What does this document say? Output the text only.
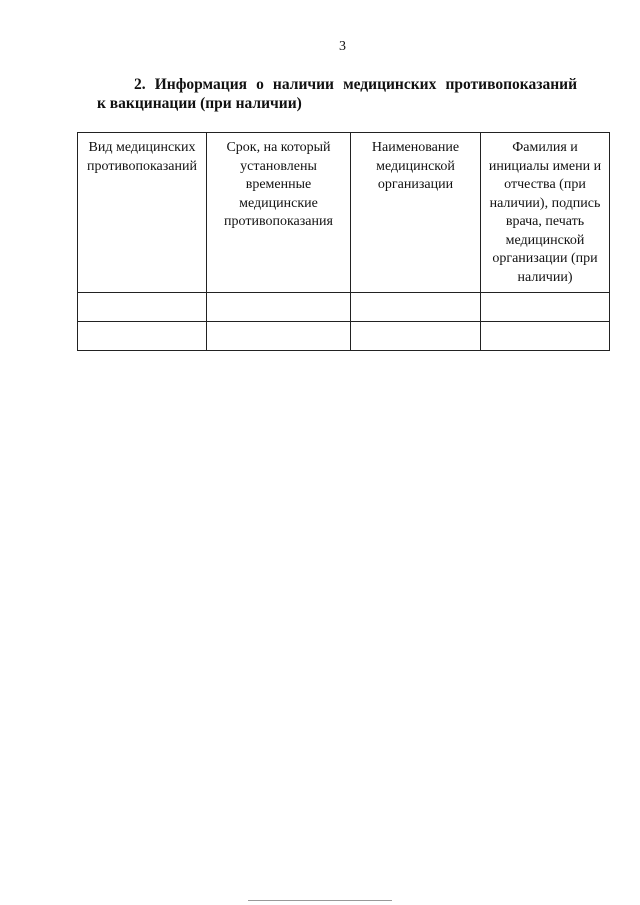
3
2. Информация о наличии медицинских противопоказаний
к вакцинации (при наличии)
Вид медицинских противопоказаний	Срок, на который установлены временные медицинские противопоказания	Наименование медицинской организации	Фамилия и инициалы имени и отчества (при наличии), подпись врача, печать медицинской организации (при наличии)
